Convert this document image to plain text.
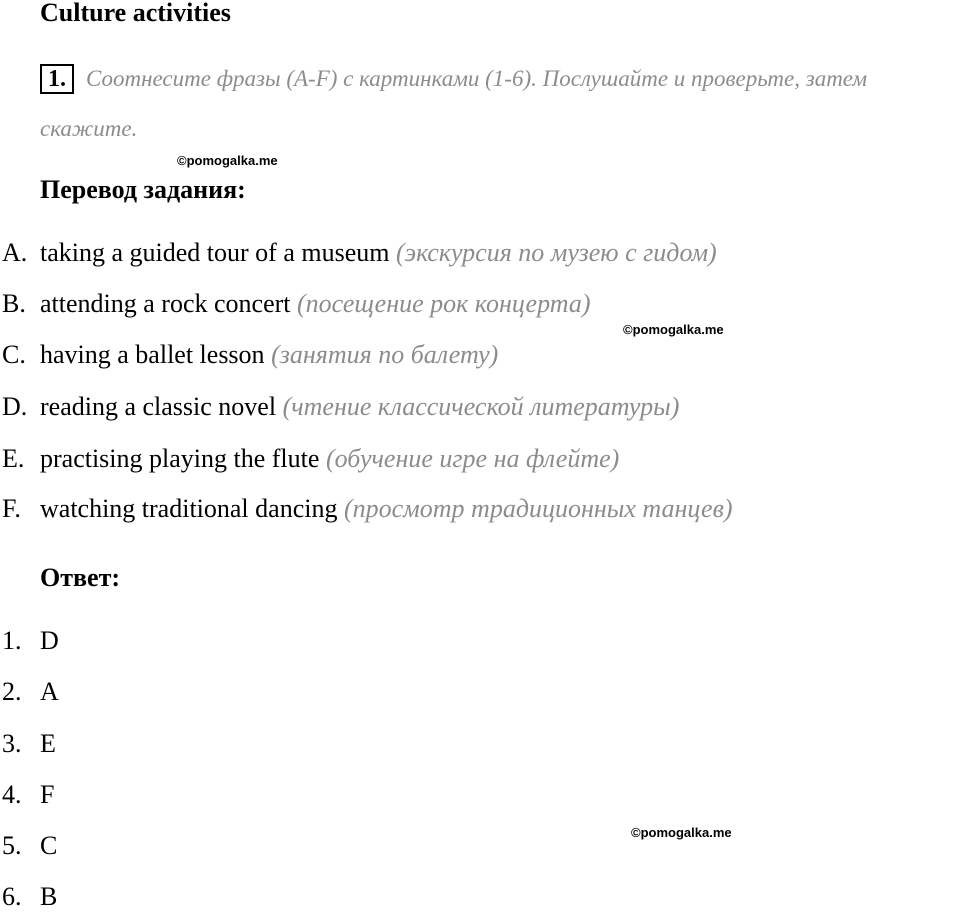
Culture activities
1. Соотнесите фразы (A-F) с картинками (1-6). Послушайте и проверьте, затем
скажите.
©pomogalka.me
Перевод задания:
A. taking a guided tour of a museum (экскурсия по музею с гидом)
B. attending a rock concert (посещение рок концерта)
©pomogalka.me
C. having a ballet lesson (занятия по балету)
D. reading a classic novel (чтение классической литературы)
E. practising playing the flute (обучение игре на флейте)
F. watching traditional dancing (просмотр традиционных танцев)
Ответ:
1. D
2. A
3. E
4. F
©pomogalka.me
5. C
6. B
